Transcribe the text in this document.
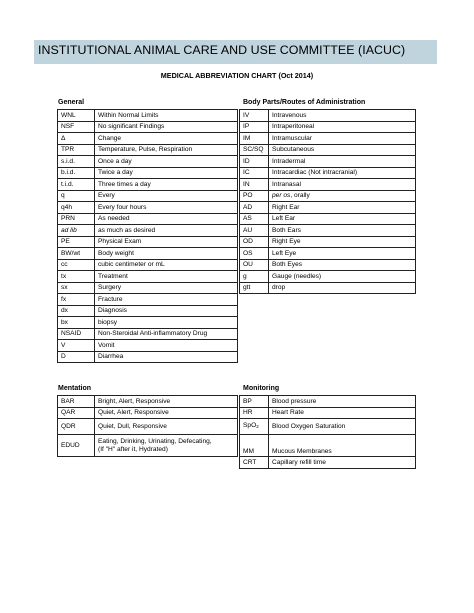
INSTITUTIONAL ANIMAL CARE AND USE COMMITTEE (IACUC)
MEDICAL ABBREVIATION CHART (Oct 2014)
General
WNL	Within Normal Limits
NSF	No significant Findings
Δ	Change
TPR	Temperature, Pulse, Respiration
s.i.d.	Once a day
b.i.d.	Twice a day
t.i.d.	Three times a day
q	Every
q4h	Every four hours
PRN	As needed
ad lib	as much as desired
PE	Physical Exam
BW/wt	Body weight
cc	cubic centimeter or mL
tx	Treatment
sx	Surgery
fx	Fracture
dx	Diagnosis
bx	biopsy
NSAID	Non-Steroidal Anti-inflammatory Drug
V	Vomit
D	Diarrhea
Body Parts/Routes of Administration
IV	Intravenous
IP	Intraperitoneal
IM	Intramuscular
SC/SQ	Subcutaneous
ID	Intradermal
IC	Intracardiac (Not intracranial)
IN	Intranasal
PO	per os, orally
AD	Right Ear
AS	Left Ear
AU	Both Ears
OD	Right Eye
OS	Left Eye
OU	Both Eyes
g	Gauge (needles)
gtt	drop
Mentation
BAR	Bright, Alert, Responsive
QAR	Quiet, Alert, Responsive
QDR	Quiet, Dull, Responsive
EDUD	Eating, Drinking, Urinating, Defecating,
(If "H" after it, Hydrated)
Monitoring
BP	Blood pressure
HR	Heart Rate
SpO$_2$	Blood Oxygen Saturation
MM	Mucous Membranes
CRT	Capillary refill time
